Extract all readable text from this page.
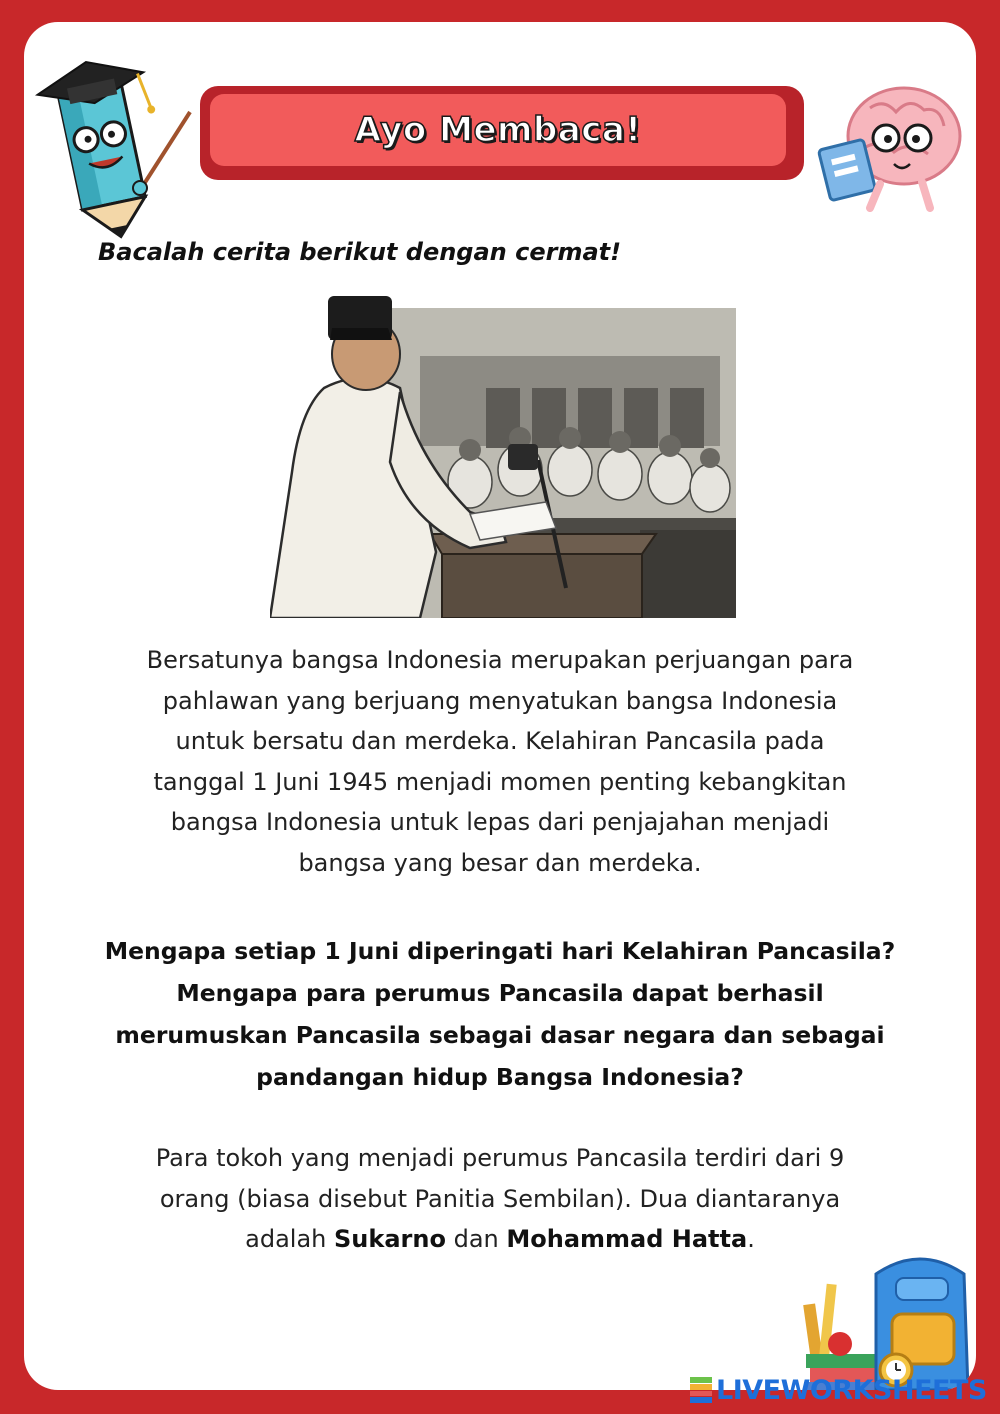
Ayo Membaca!
Bacalah cerita berikut dengan cermat!
Bersatunya bangsa Indonesia merupakan perjuangan para
pahlawan yang berjuang menyatukan bangsa Indonesia
untuk bersatu dan merdeka. Kelahiran Pancasila pada
tanggal 1 Juni 1945 menjadi momen penting kebangkitan
bangsa Indonesia untuk lepas dari penjajahan menjadi
bangsa yang besar dan merdeka.
Mengapa setiap 1 Juni diperingati hari Kelahiran Pancasila?
Mengapa para perumus Pancasila dapat berhasil
merumuskan Pancasila sebagai dasar negara dan sebagai
pandangan hidup Bangsa Indonesia?
Para tokoh yang menjadi perumus Pancasila terdiri dari 9
orang (biasa disebut Panitia Sembilan). Dua diantaranya
adalah Sukarno dan Mohammad Hatta.
LIVEWORKSHEETS
